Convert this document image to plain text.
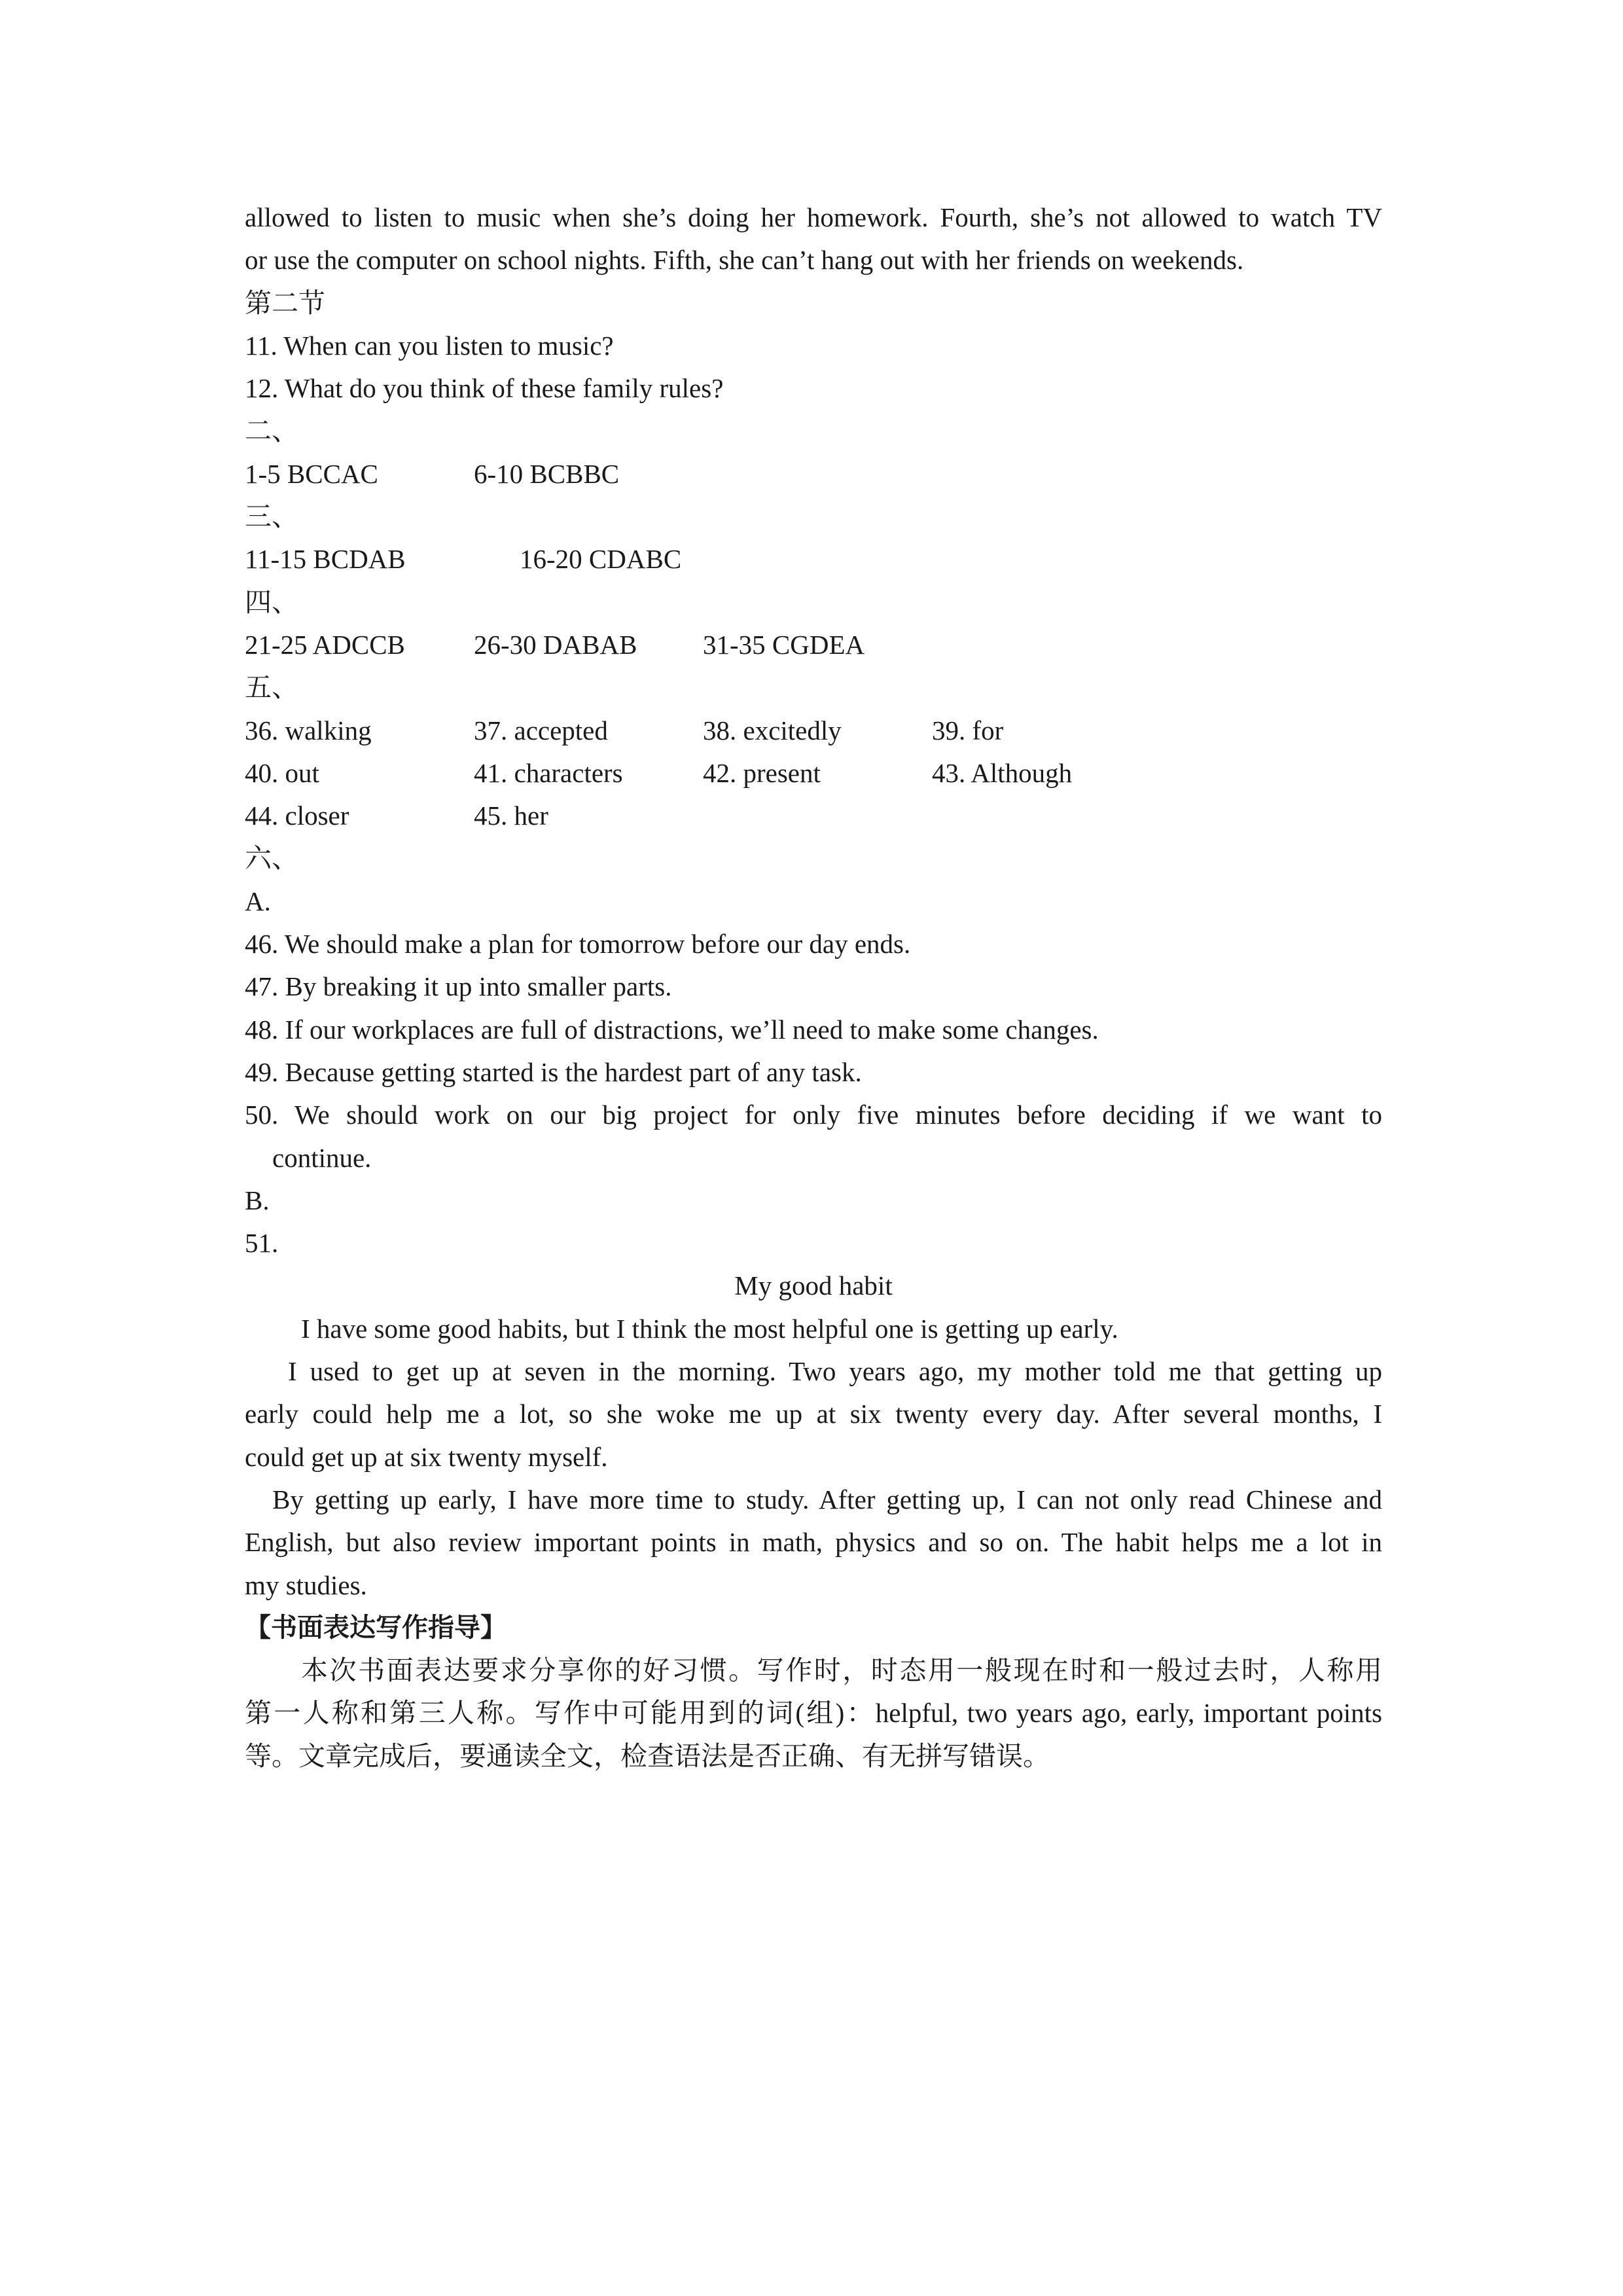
allowed to listen to music when she’s doing her homework. Fourth, she’s not allowed to watch TV
or use the computer on school nights. Fifth, she can’t hang out with her friends on weekends.
第二节
11. When can you listen to music?
12. What do you think of these family rules?
二、
1-5 BCCAC	6-10 BCBBC
三、
11-15 BCDAB	16-20 CDABC
四、
21-25 ADCCB	26-30 DABAB	31-35 CGDEA
五、
36. walking	37. accepted	38. excitedly	39. for
40. out	41. characters	42. present	43. Although
44. closer	45. her
六、
A.
46. We should make a plan for tomorrow before our day ends.
47. By breaking it up into smaller parts.
48. If our workplaces are full of distractions, we’ll need to make some changes.
49. Because getting started is the hardest part of any task.
50. We should work on our big project for only five minutes before deciding if we want to
continue.
B.
51.
My good habit
I have some good habits, but I think the most helpful one is getting up early.
I used to get up at seven in the morning. Two years ago, my mother told me that getting up
early could help me a lot, so she woke me up at six twenty every day. After several months, I
could get up at six twenty myself.
By getting up early, I have more time to study. After getting up, I can not only read Chinese and
English, but also review important points in math, physics and so on. The habit helps me a lot in
my studies.
【书面表达写作指导】
本次书面表达要求分享你的好习惯。写作时，时态用一般现在时和一般过去时，人称用
第一人称和第三人称。写作中可能用到的词(组)：helpful, two years ago, early, important points
等。文章完成后，要通读全文，检查语法是否正确、有无拼写错误。
